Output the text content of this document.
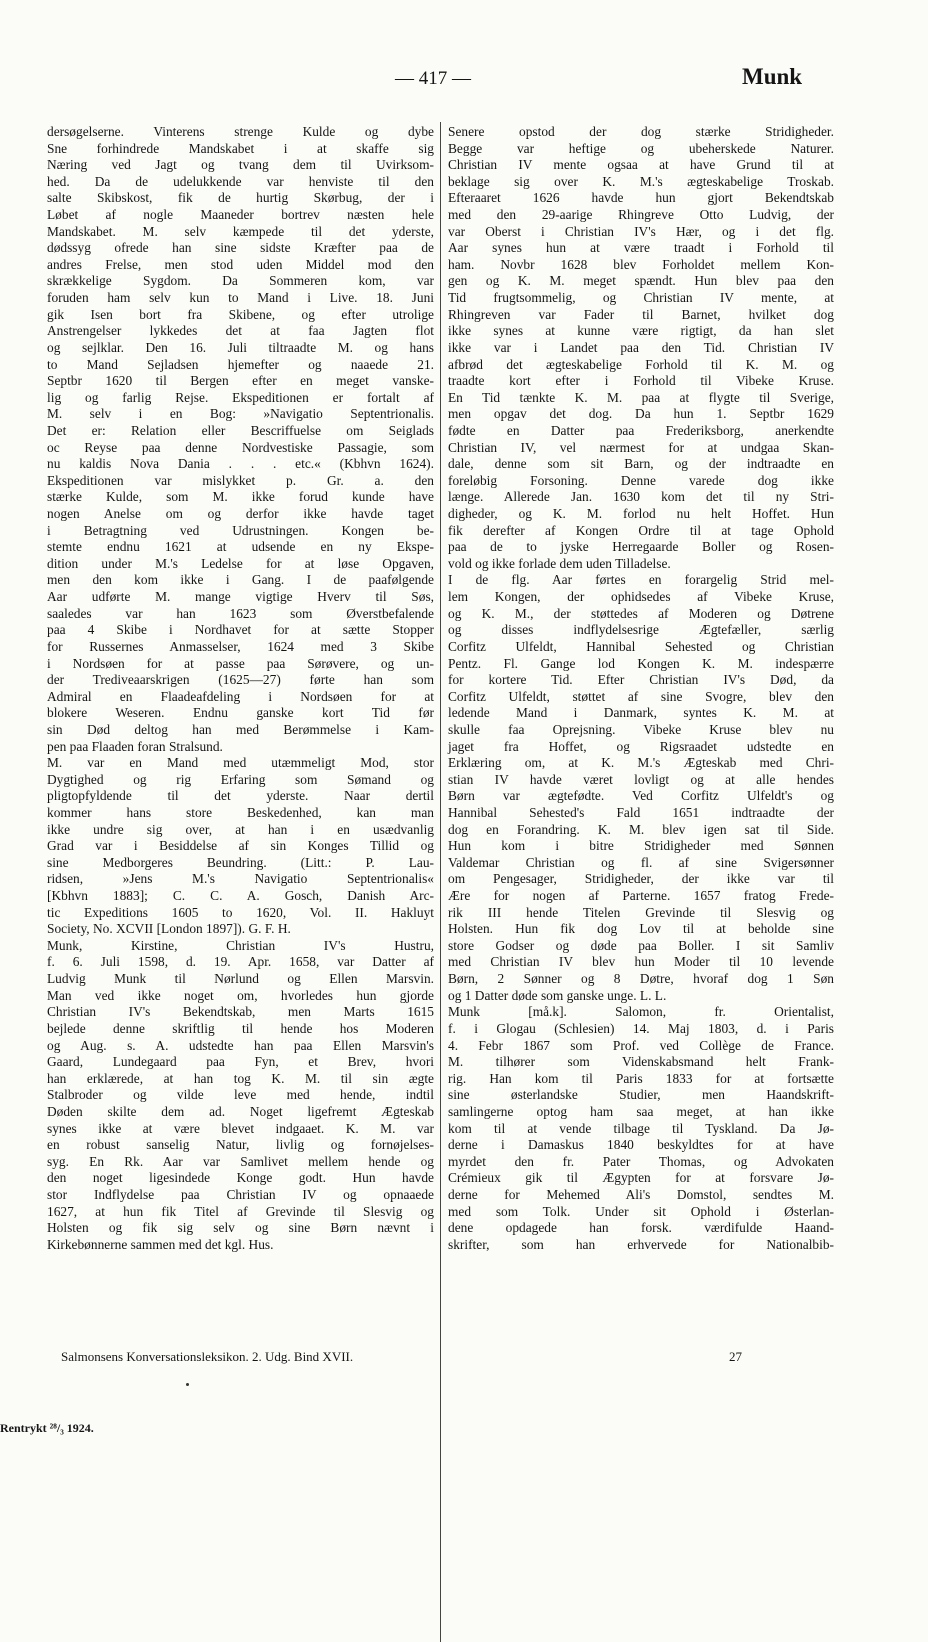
— 417 —	Munk
dersøgelserne. Vinterens strenge Kulde og dybe
Sne forhindrede Mandskabet i at skaffe sig
Næring ved Jagt og tvang dem til Uvirksom-
hed. Da de udelukkende var henviste til den
salte Skibskost, fik de hurtig Skørbug, der i
Løbet af nogle Maaneder bortrev næsten hele
Mandskabet. M. selv kæmpede til det yderste,
dødssyg ofrede han sine sidste Kræfter paa de
andres Frelse, men stod uden Middel mod den
skrækkelige Sygdom. Da Sommeren kom, var
foruden ham selv kun to Mand i Live. 18. Juni
gik Isen bort fra Skibene, og efter utrolige
Anstrengelser lykkedes det at faa Jagten flot
og sejlklar. Den 16. Juli tiltraadte M. og hans
to Mand Sejladsen hjemefter og naaede 21.
Septbr 1620 til Bergen efter en meget vanske-
lig og farlig Rejse. Ekspeditionen er fortalt af
M. selv i en Bog: »Navigatio Septentrionalis.
Det er: Relation eller Bescriffuelse om Seiglads
oc Reyse paa denne Nordvestiske Passagie, som
nu kaldis Nova Dania . . . etc.« (Kbhvn 1624).
Ekspeditionen var mislykket p. Gr. a. den
stærke Kulde, som M. ikke forud kunde have
nogen Anelse om og derfor ikke havde taget
i Betragtning ved Udrustningen. Kongen be-
stemte endnu 1621 at udsende en ny Ekspe-
dition under M.'s Ledelse for at løse Opgaven,
men den kom ikke i Gang. I de paafølgende
Aar udførte M. mange vigtige Hverv til Søs,
saaledes var han 1623 som Øverstbefalende
paa 4 Skibe i Nordhavet for at sætte Stopper
for Russernes Anmasselser, 1624 med 3 Skibe
i Nordsøen for at passe paa Sørøvere, og un-
der Trediveaarskrigen (1625—27) førte han som
Admiral en Flaadeafdeling i Nordsøen for at
blokere Weseren. Endnu ganske kort Tid før
sin Død deltog han med Berømmelse i Kam-
pen paa Flaaden foran Stralsund.
M. var en Mand med utæmmeligt Mod, stor
Dygtighed og rig Erfaring som Sømand og
pligtopfyldende til det yderste. Naar dertil
kommer hans store Beskedenhed, kan man
ikke undre sig over, at han i en usædvanlig
Grad var i Besiddelse af sin Konges Tillid og
sine Medborgeres Beundring. (Litt.: P. Lau-
ridsen, »Jens M.'s Navigatio Septentrionalis«
[Kbhvn 1883]; C. C. A. Gosch, Danish Arc-
tic Expeditions 1605 to 1620, Vol. II. Hakluyt
Society, No. XCVII [London 1897]). G. F. H.
Munk, Kirstine, Christian IV's Hustru,
f. 6. Juli 1598, d. 19. Apr. 1658, var Datter af
Ludvig Munk til Nørlund og Ellen Marsvin.
Man ved ikke noget om, hvorledes hun gjorde
Christian IV's Bekendtskab, men Marts 1615
bejlede denne skriftlig til hende hos Moderen
og Aug. s. A. udstedte han paa Ellen Marsvin's
Gaard, Lundegaard paa Fyn, et Brev, hvori
han erklærede, at han tog K. M. til sin ægte
Stalbroder og vilde leve med hende, indtil
Døden skilte dem ad. Noget ligefremt Ægteskab
synes ikke at være blevet indgaaet. K. M. var
en robust sanselig Natur, livlig og fornøjelses-
syg. En Rk. Aar var Samlivet mellem hende og
den noget ligesindede Konge godt. Hun havde
stor Indflydelse paa Christian IV og opnaaede
1627, at hun fik Titel af Grevinde til Slesvig og
Holsten og fik sig selv og sine Børn nævnt i
Kirkebønnerne sammen med det kgl. Hus.
Senere opstod der dog stærke Stridigheder.
Begge var heftige og ubeherskede Naturer.
Christian IV mente ogsaa at have Grund til at
beklage sig over K. M.'s ægteskabelige Troskab.
Efteraaret 1626 havde hun gjort Bekendtskab
med den 29-aarige Rhingreve Otto Ludvig, der
var Oberst i Christian IV's Hær, og i det flg.
Aar synes hun at være traadt i Forhold til
ham. Novbr 1628 blev Forholdet mellem Kon-
gen og K. M. meget spændt. Hun blev paa den
Tid frugtsommelig, og Christian IV mente, at
Rhingreven var Fader til Barnet, hvilket dog
ikke synes at kunne være rigtigt, da han slet
ikke var i Landet paa den Tid. Christian IV
afbrød det ægteskabelige Forhold til K. M. og
traadte kort efter i Forhold til Vibeke Kruse.
En Tid tænkte K. M. paa at flygte til Sverige,
men opgav det dog. Da hun 1. Septbr 1629
fødte en Datter paa Frederiksborg, anerkendte
Christian IV, vel nærmest for at undgaa Skan-
dale, denne som sit Barn, og der indtraadte en
foreløbig Forsoning. Denne varede dog ikke
længe. Allerede Jan. 1630 kom det til ny Stri-
digheder, og K. M. forlod nu helt Hoffet. Hun
fik derefter af Kongen Ordre til at tage Ophold
paa de to jyske Herregaarde Boller og Rosen-
vold og ikke forlade dem uden Tilladelse.
I de flg. Aar førtes en forargelig Strid mel-
lem Kongen, der ophidsedes af Vibeke Kruse,
og K. M., der støttedes af Moderen og Døtrene
og disses indflydelsesrige Ægtefæller, særlig
Corfitz Ulfeldt, Hannibal Sehested og Christian
Pentz. Fl. Gange lod Kongen K. M. indespærre
for kortere Tid. Efter Christian IV's Død, da
Corfitz Ulfeldt, støttet af sine Svogre, blev den
ledende Mand i Danmark, syntes K. M. at
skulle faa Oprejsning. Vibeke Kruse blev nu
jaget fra Hoffet, og Rigsraadet udstedte en
Erklæring om, at K. M.'s Ægteskab med Chri-
stian IV havde været lovligt og at alle hendes
Børn var ægtefødte. Ved Corfitz Ulfeldt's og
Hannibal Sehested's Fald 1651 indtraadte der
dog en Forandring. K. M. blev igen sat til Side.
Hun kom i bitre Stridigheder med Sønnen
Valdemar Christian og fl. af sine Svigersønner
om Pengesager, Stridigheder, der ikke var til
Ære for nogen af Parterne. 1657 fratog Frede-
rik III hende Titelen Grevinde til Slesvig og
Holsten. Hun fik dog Lov til at beholde sine
store Godser og døde paa Boller. I sit Samliv
med Christian IV blev hun Moder til 10 levende
Børn, 2 Sønner og 8 Døtre, hvoraf dog 1 Søn
og 1 Datter døde som ganske unge. L. L.
Munk [må.k]. Salomon, fr. Orientalist,
f. i Glogau (Schlesien) 14. Maj 1803, d. i Paris
4. Febr 1867 som Prof. ved Collège de France.
M. tilhører som Videnskabsmand helt Frank-
rig. Han kom til Paris 1833 for at fortsætte
sine østerlandske Studier, men Haandskrift-
samlingerne optog ham saa meget, at han ikke
kom til at vende tilbage til Tyskland. Da Jø-
derne i Damaskus 1840 beskyldtes for at have
myrdet den fr. Pater Thomas, og Advokaten
Crémieux gik til Ægypten for at forsvare Jø-
derne for Mehemed Ali's Domstol, sendtes M.
med som Tolk. Under sit Ophold i Østerlan-
dene opdagede han forsk. værdifulde Haand-
skrifter, som han erhvervede for Nationalbib-
Salmonsens Konversationsleksikon. 2. Udg. Bind XVII.	27
Rentrykt ²⁸/₃ 1924.
